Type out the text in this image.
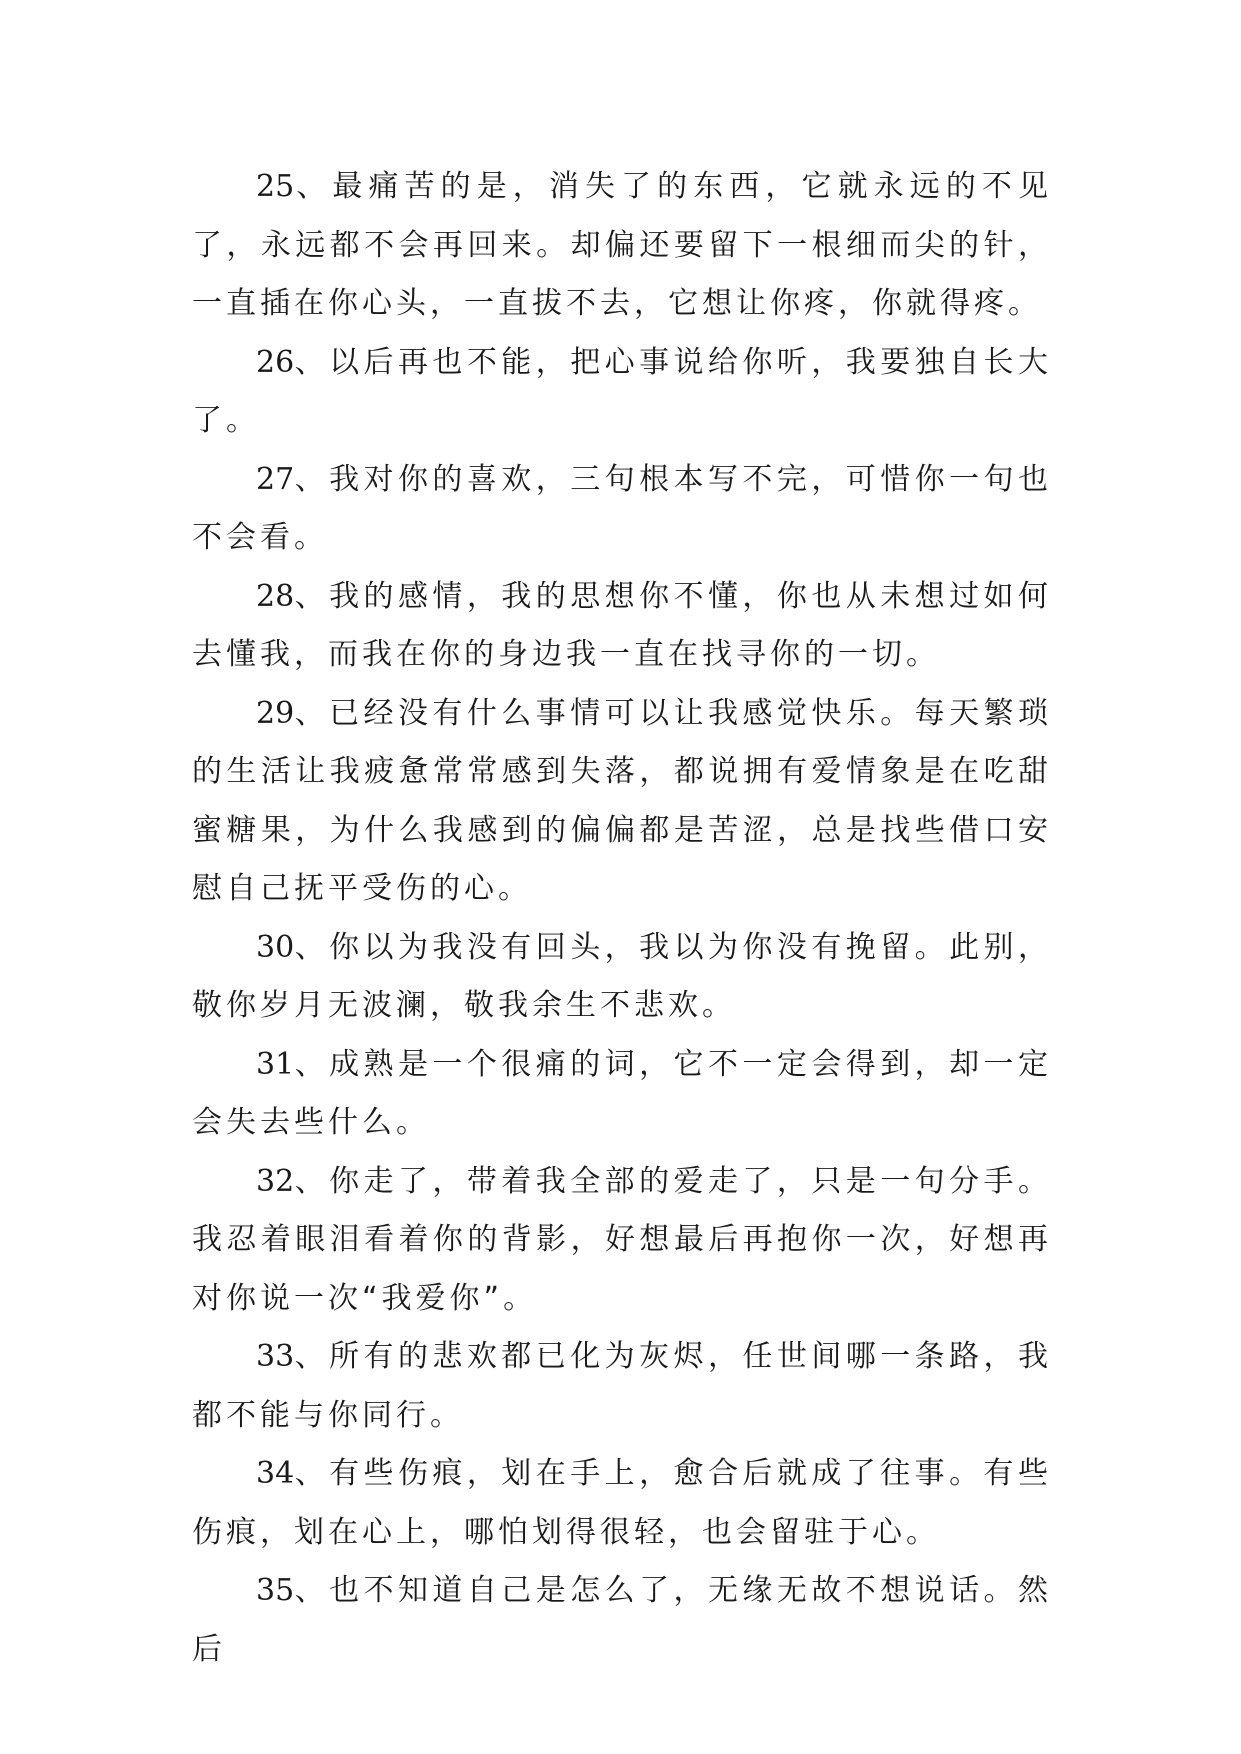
25、最痛苦的是，消失了的东西，它就永远的不见了，永远都不会再回来。却偏还要留下一根细而尖的针，一直插在你心头，一直拔不去，它想让你疼，你就得疼。

26、以后再也不能，把心事说给你听，我要独自长大了。

27、我对你的喜欢，三句根本写不完，可惜你一句也不会看。

28、我的感情，我的思想你不懂，你也从未想过如何去懂我，而我在你的身边我一直在找寻你的一切。

29、已经没有什么事情可以让我感觉快乐。每天繁琐的生活让我疲惫常常感到失落，都说拥有爱情象是在吃甜蜜糖果，为什么我感到的偏偏都是苦涩，总是找些借口安慰自己抚平受伤的心。

30、你以为我没有回头，我以为你没有挽留。此别，敬你岁月无波澜，敬我余生不悲欢。

31、成熟是一个很痛的词，它不一定会得到，却一定会失去些什么。

32、你走了，带着我全部的爱走了，只是一句分手。我忍着眼泪看着你的背影，好想最后再抱你一次，好想再对你说一次“我爱你”。

33、所有的悲欢都已化为灰烬，任世间哪一条路，我都不能与你同行。

34、有些伤痕，划在手上，愈合后就成了往事。有些伤痕，划在心上，哪怕划得很轻，也会留驻于心。

35、也不知道自己是怎么了，无缘无故不想说话。然后
